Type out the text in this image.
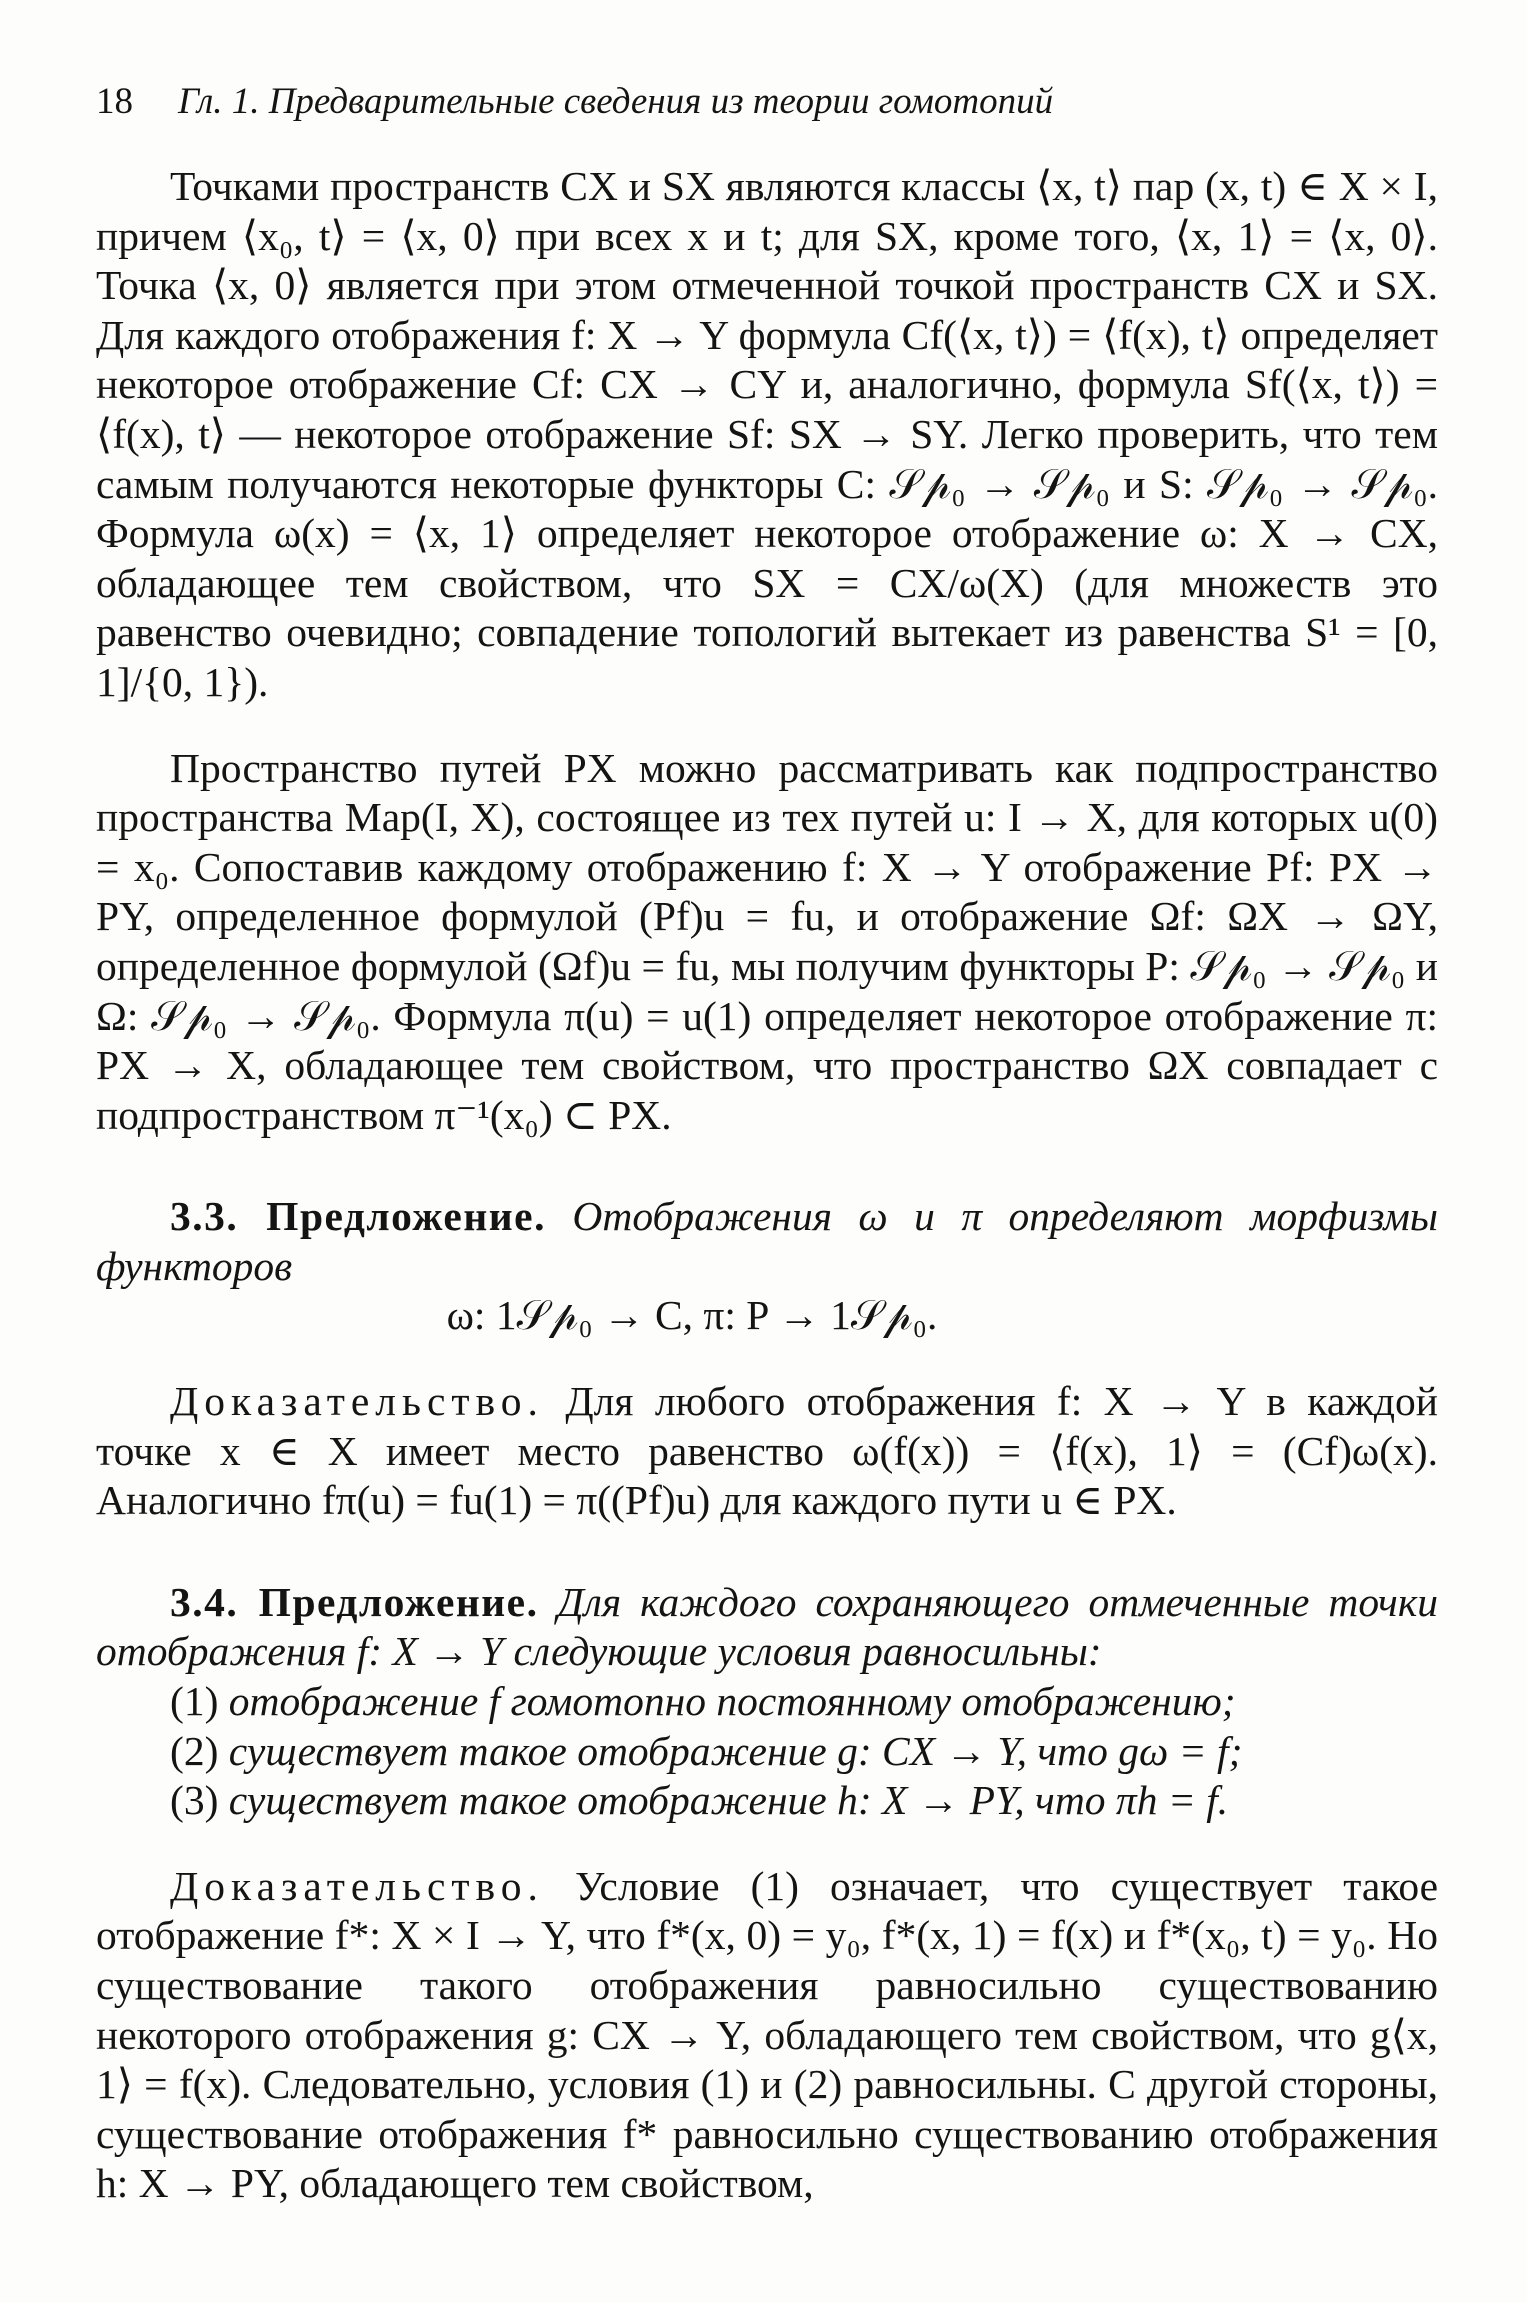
18 Гл. 1. Предварительные сведения из теории гомотопий

Точками пространств CX и SX являются классы ⟨x, t⟩ пар (x, t) ∈ X × I, причем ⟨x₀, t⟩ = ⟨x, 0⟩ при всех x и t; для SX, кроме того, ⟨x, 1⟩ = ⟨x, 0⟩. Точка ⟨x, 0⟩ является при этом отмеченной точкой пространств CX и SX. Для каждого отображения f: X → Y формула Cf(⟨x, t⟩) = ⟨f(x), t⟩ определяет некоторое отображение Cf: CX → CY и, аналогично, формула Sf(⟨x, t⟩) = ⟨f(x), t⟩ — некоторое отображение Sf: SX → SY. Легко проверить, что тем самым получаются некоторые функторы C: 𝒮𝓅₀ → 𝒮𝓅₀ и S: 𝒮𝓅₀ → 𝒮𝓅₀. Формула ω(x) = ⟨x, 1⟩ определяет некоторое отображение ω: X → CX, обладающее тем свойством, что SX = CX/ω(X) (для множеств это равенство очевидно; совпадение топологий вытекает из равенства S¹ = [0, 1]/{0, 1}).

Пространство путей PX можно рассматривать как подпространство пространства Map(I, X), состоящее из тех путей u: I → X, для которых u(0) = x₀. Сопоставив каждому отображению f: X → Y отображение Pf: PX → PY, определенное формулой (Pf)u = fu, и отображение Ωf: ΩX → ΩY, определенное формулой (Ωf)u = fu, мы получим функторы P: 𝒮𝓅₀ → 𝒮𝓅₀ и Ω: 𝒮𝓅₀ → 𝒮𝓅₀. Формула π(u) = u(1) определяет некоторое отображение π: PX → X, обладающее тем свойством, что пространство ΩX совпадает с подпространством π⁻¹(x₀) ⊂ PX.

3.3. Предложение. Отображения ω и π определяют морфизмы функторов

ω: 1𝒮𝓅₀ → C, π: P → 1𝒮𝓅₀.

Доказательство. Для любого отображения f: X → Y в каждой точке x ∈ X имеет место равенство ω(f(x)) = ⟨f(x), 1⟩ = (Cf)ω(x). Аналогично fπ(u) = fu(1) = π((Pf)u) для каждого пути u ∈ PX.

3.4. Предложение. Для каждого сохраняющего отмеченные точки отображения f: X → Y следующие условия равносильны:

(1) отображение f гомотопно постоянному отображению;

(2) существует такое отображение g: CX → Y, что gω = f;

(3) существует такое отображение h: X → PY, что πh = f.

Доказательство. Условие (1) означает, что существует такое отображение f*: X × I → Y, что f*(x, 0) = y₀, f*(x, 1) = f(x) и f*(x₀, t) = y₀. Но существование такого отображения равносильно существованию некоторого отображения g: CX → Y, обладающего тем свойством, что g⟨x, 1⟩ = f(x). Следовательно, условия (1) и (2) равносильны. С другой стороны, существование отображения f* равносильно существованию отображения h: X → PY, обладающего тем свойством,
